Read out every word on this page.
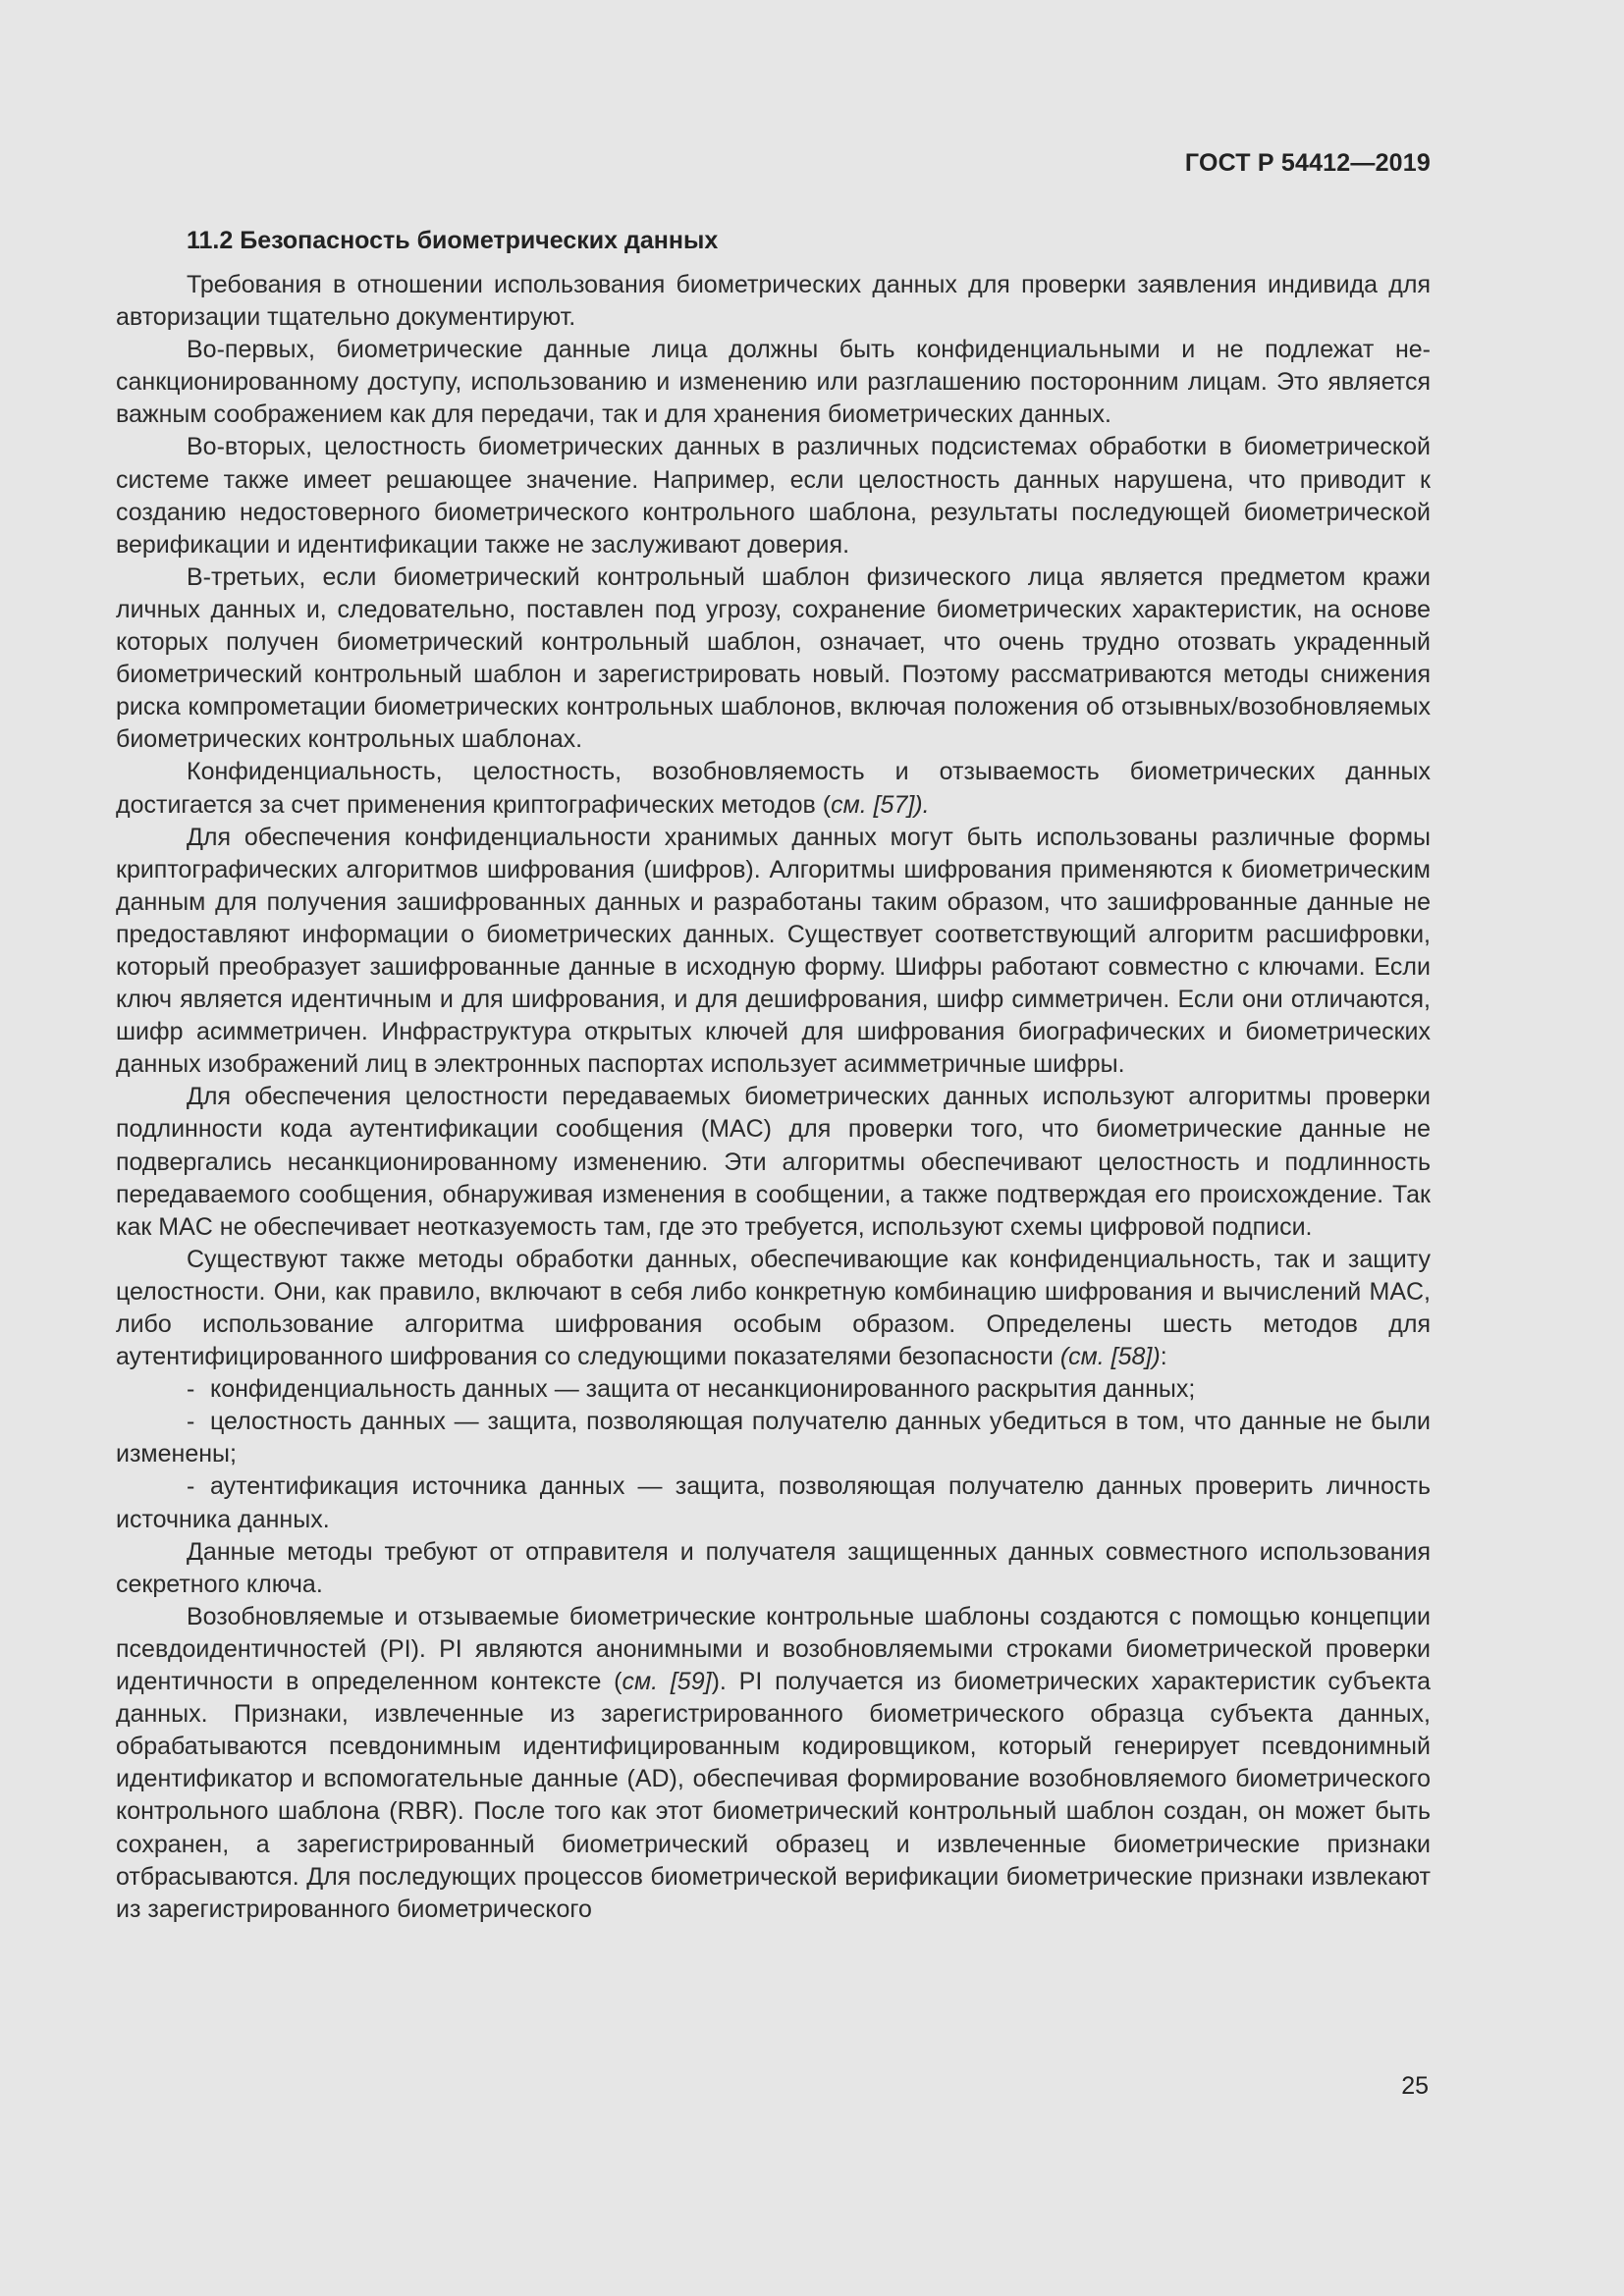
ГОСТ Р 54412—2019
11.2 Безопасность биометрических данных

Требования в отношении использования биометрических данных для проверки заявления индивида для авторизации тщательно документируют.

Во-первых, биометрические данные лица должны быть конфиденциальными и не подлежат несанкционированному доступу, использованию и изменению или разглашению посторонним лицам. Это является важным соображением как для передачи, так и для хранения биометрических данных.

Во-вторых, целостность биометрических данных в различных подсистемах обработки в биометрической системе также имеет решающее значение. Например, если целостность данных нарушена, что приводит к созданию недостоверного биометрического контрольного шаблона, результаты последующей биометрической верификации и идентификации также не заслуживают доверия.

В-третьих, если биометрический контрольный шаблон физического лица является предметом кражи личных данных и, следовательно, поставлен под угрозу, сохранение биометрических характеристик, на основе которых получен биометрический контрольный шаблон, означает, что очень трудно отозвать украденный биометрический контрольный шаблон и зарегистрировать новый. Поэтому рассматриваются методы снижения риска компрометации биометрических контрольных шаблонов, включая положения об отзывных/возобновляемых биометрических контрольных шаблонах.

Конфиденциальность, целостность, возобновляемость и отзываемость биометрических данных достигается за счет применения криптографических методов (см. [57]).

Для обеспечения конфиденциальности хранимых данных могут быть использованы различные формы криптографических алгоритмов шифрования (шифров). Алгоритмы шифрования применяются к биометрическим данным для получения зашифрованных данных и разработаны таким образом, что зашифрованные данные не предоставляют информации о биометрических данных. Существует соответствующий алгоритм расшифровки, который преобразует зашифрованные данные в исходную форму. Шифры работают совместно с ключами. Если ключ является идентичным и для шифрования, и для дешифрования, шифр симметричен. Если они отличаются, шифр асимметричен. Инфраструктура открытых ключей для шифрования биографических и биометрических данных изображений лиц в электронных паспортах использует асимметричные шифры.

Для обеспечения целостности передаваемых биометрических данных используют алгоритмы проверки подлинности кода аутентификации сообщения (MAC) для проверки того, что биометрические данные не подвергались несанкционированному изменению. Эти алгоритмы обеспечивают целостность и подлинность передаваемого сообщения, обнаруживая изменения в сообщении, а также подтверждая его происхождение. Так как MAC не обеспечивает неотказуемость там, где это требуется, используют схемы цифровой подписи.

Существуют также методы обработки данных, обеспечивающие как конфиденциальность, так и защиту целостности. Они, как правило, включают в себя либо конкретную комбинацию шифрования и вычислений MAC, либо использование алгоритма шифрования особым образом. Определены шесть методов для аутентифицированного шифрования со следующими показателями безопасности (см. [58]):

- конфиденциальность данных — защита от несанкционированного раскрытия данных;

- целостность данных — защита, позволяющая получателю данных убедиться в том, что данные не были изменены;

- аутентификация источника данных — защита, позволяющая получателю данных проверить личность источника данных.

Данные методы требуют от отправителя и получателя защищенных данных совместного использования секретного ключа.

Возобновляемые и отзываемые биометрические контрольные шаблоны создаются с помощью концепции псевдоидентичностей (PI). PI являются анонимными и возобновляемыми строками биометрической проверки идентичности в определенном контексте (см. [59]). PI получается из биометрических характеристик субъекта данных. Признаки, извлеченные из зарегистрированного биометрического образца субъекта данных, обрабатываются псевдонимным идентифицированным кодировщиком, который генерирует псевдонимный идентификатор и вспомогательные данные (AD), обеспечивая формирование возобновляемого биометрического контрольного шаблона (RBR). После того как этот биометрический контрольный шаблон создан, он может быть сохранен, а зарегистрированный биометрический образец и извлеченные биометрические признаки отбрасываются. Для последующих процессов биометрической верификации биометрические признаки извлекают из зарегистрированного биометрического

25
